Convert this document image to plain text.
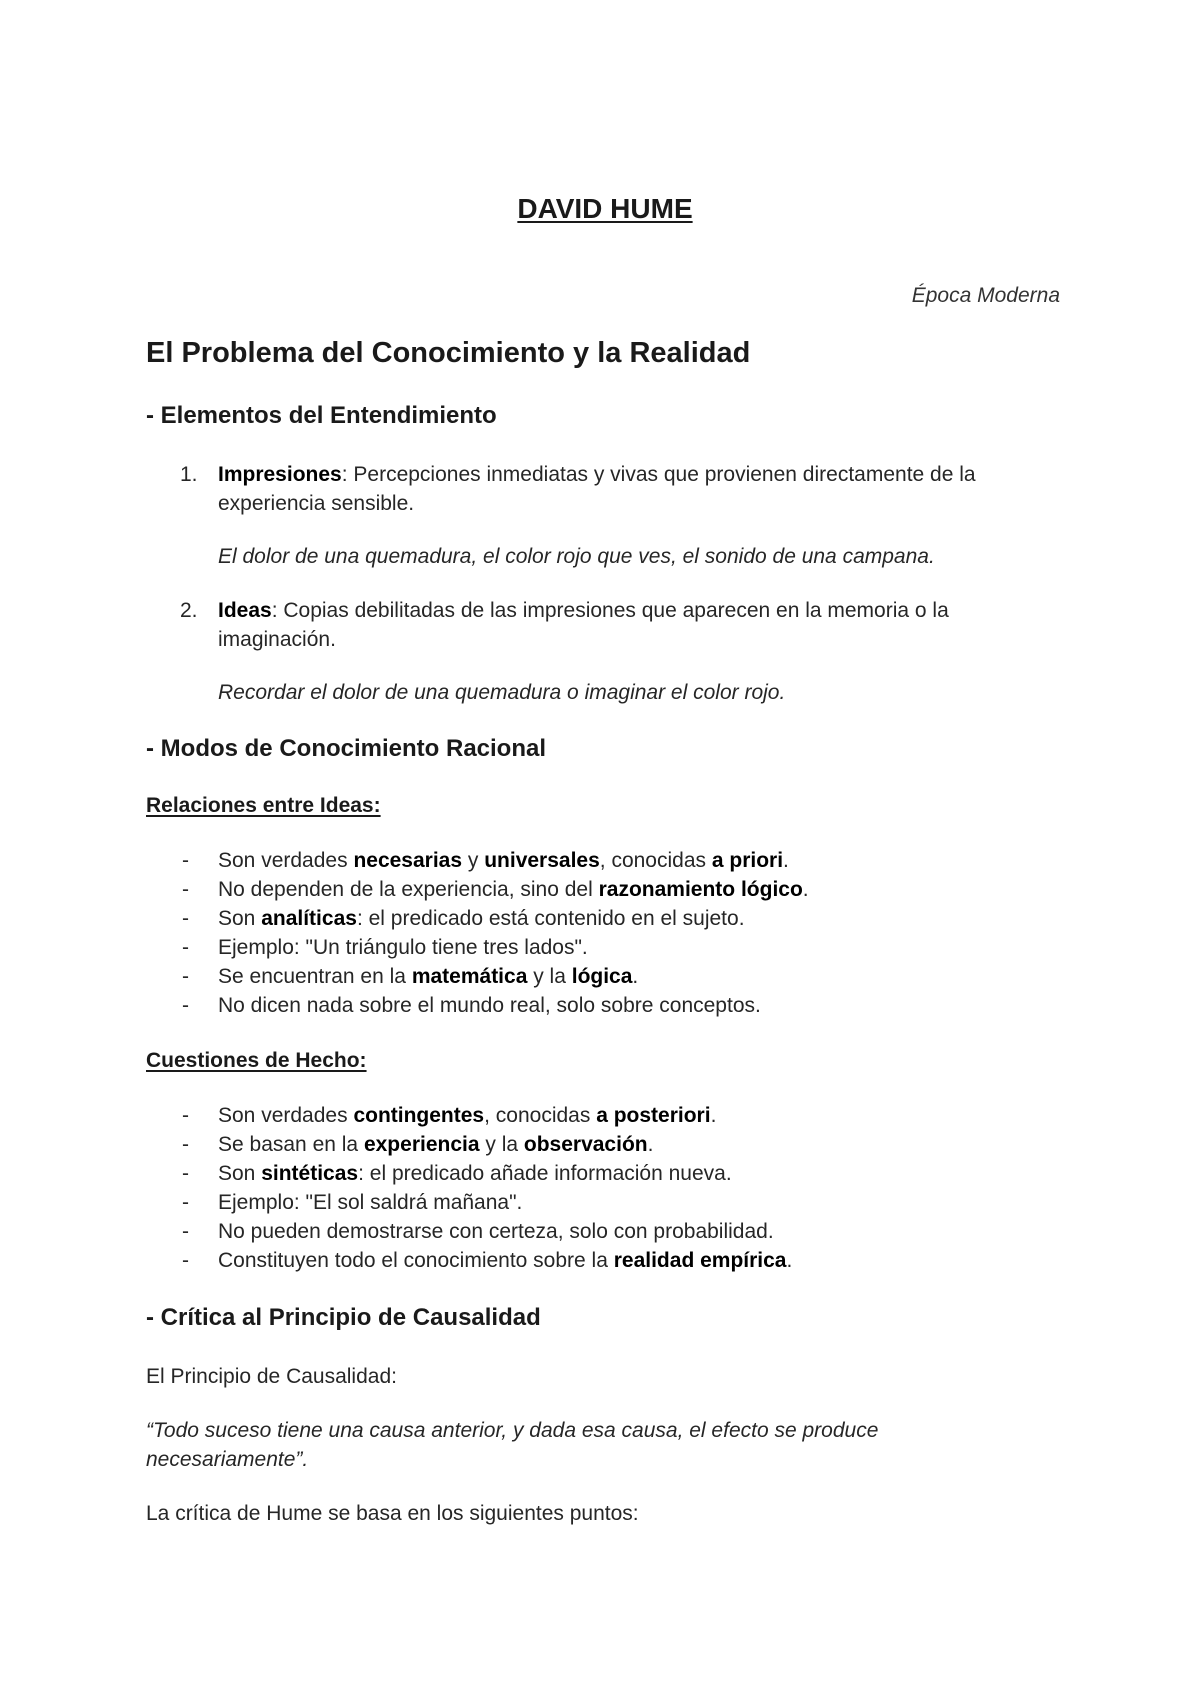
DAVID HUME
Época Moderna
El Problema del Conocimiento y la Realidad
- Elementos del Entendimiento
1. Impresiones: Percepciones inmediatas y vivas que provienen directamente de la
experiencia sensible.
El dolor de una quemadura, el color rojo que ves, el sonido de una campana.
2. Ideas: Copias debilitadas de las impresiones que aparecen en la memoria o la
imaginación.
Recordar el dolor de una quemadura o imaginar el color rojo.
- Modos de Conocimiento Racional
Relaciones entre Ideas:
- Son verdades necesarias y universales, conocidas a priori.
- No dependen de la experiencia, sino del razonamiento lógico.
- Son analíticas: el predicado está contenido en el sujeto.
- Ejemplo: "Un triángulo tiene tres lados".
- Se encuentran en la matemática y la lógica.
- No dicen nada sobre el mundo real, solo sobre conceptos.
Cuestiones de Hecho:
- Son verdades contingentes, conocidas a posteriori.
- Se basan en la experiencia y la observación.
- Son sintéticas: el predicado añade información nueva.
- Ejemplo: "El sol saldrá mañana".
- No pueden demostrarse con certeza, solo con probabilidad.
- Constituyen todo el conocimiento sobre la realidad empírica.
- Crítica al Principio de Causalidad
El Principio de Causalidad:
“Todo suceso tiene una causa anterior, y dada esa causa, el efecto se produce
necesariamente”.
La crítica de Hume se basa en los siguientes puntos:
